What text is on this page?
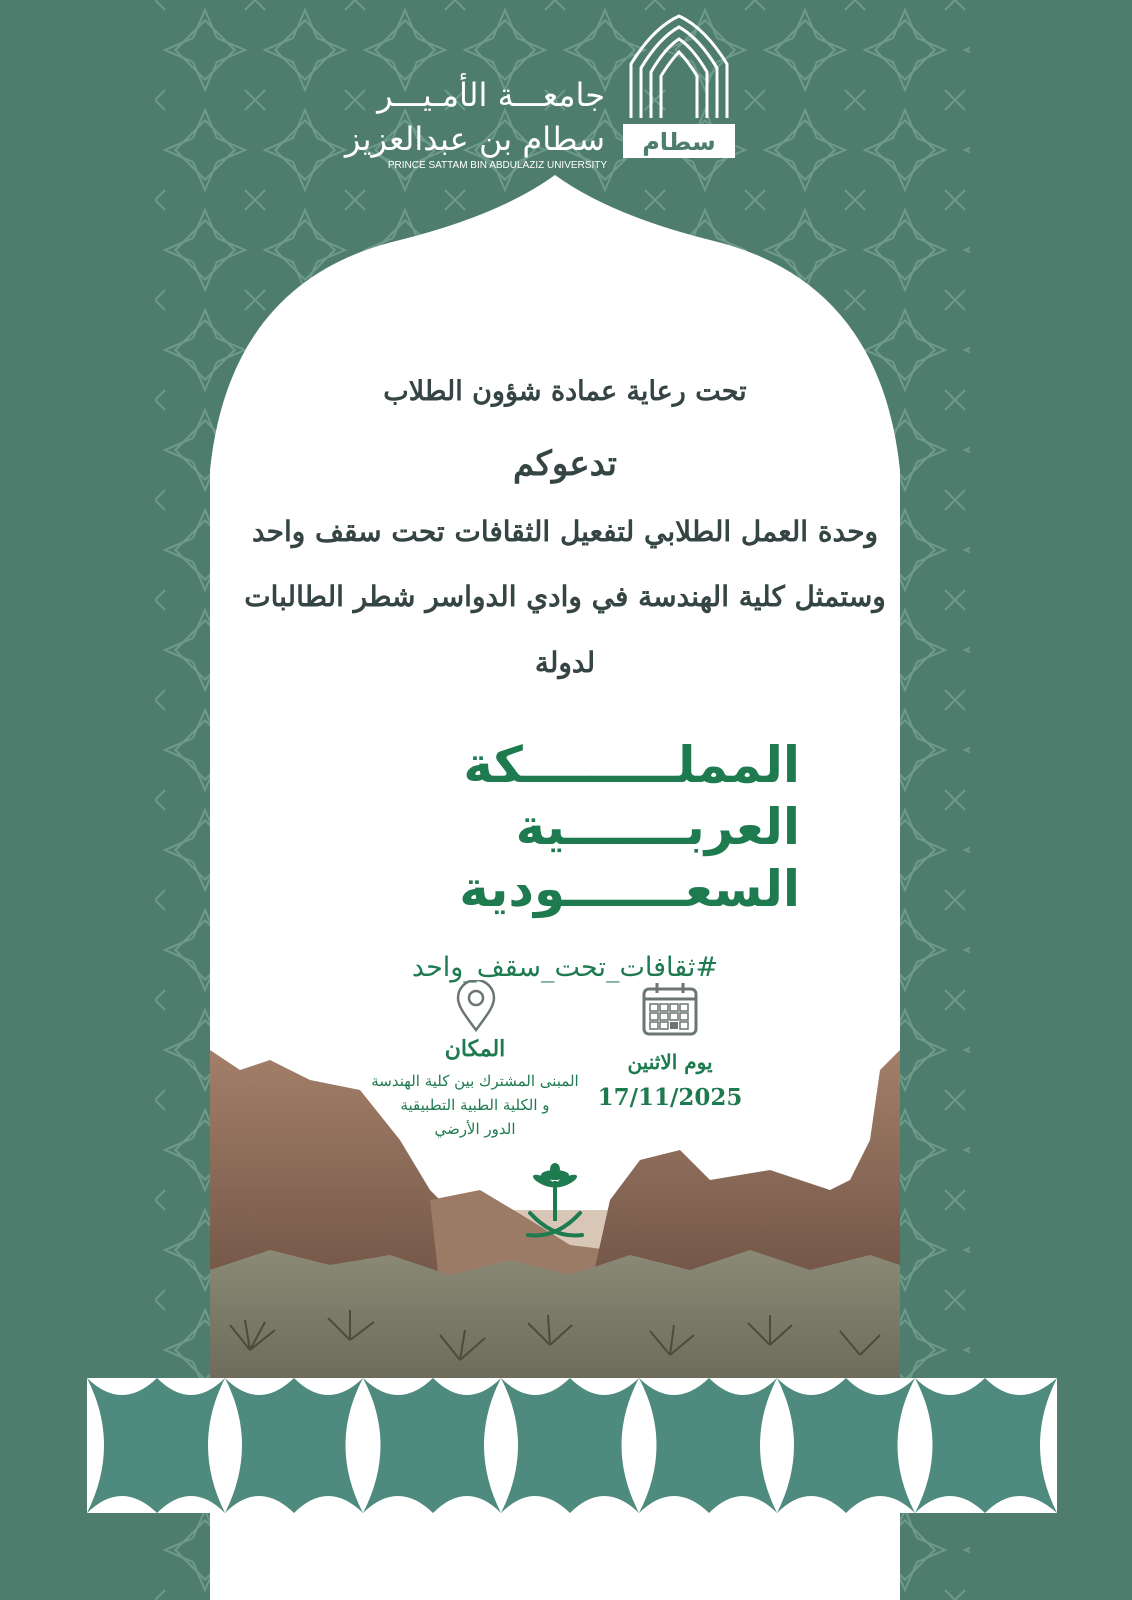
سطام
جامعـــة الأمـيـــر
سطام بن عبدالعزيز
PRINCE SATTAM BIN ABDULAZIZ UNIVERSITY
تحت رعاية عمادة شؤون الطلاب
تدعوكم
وحدة العمل الطلابي لتفعيل الثقافات تحت سقف واحد
وستمثل كلية الهندسة في وادي الدواسر شطر الطالبات
لدولة
المملـــــــــكة
العربـــــــية
السعـــــــودية
#ثقافات_تحت_سقف_واحد
المكان
المبنى المشترك بين كلية الهندسة
و الكلية الطبية التطبيقية
الدور الأرضي
يوم الاثنين
17/11/2025
